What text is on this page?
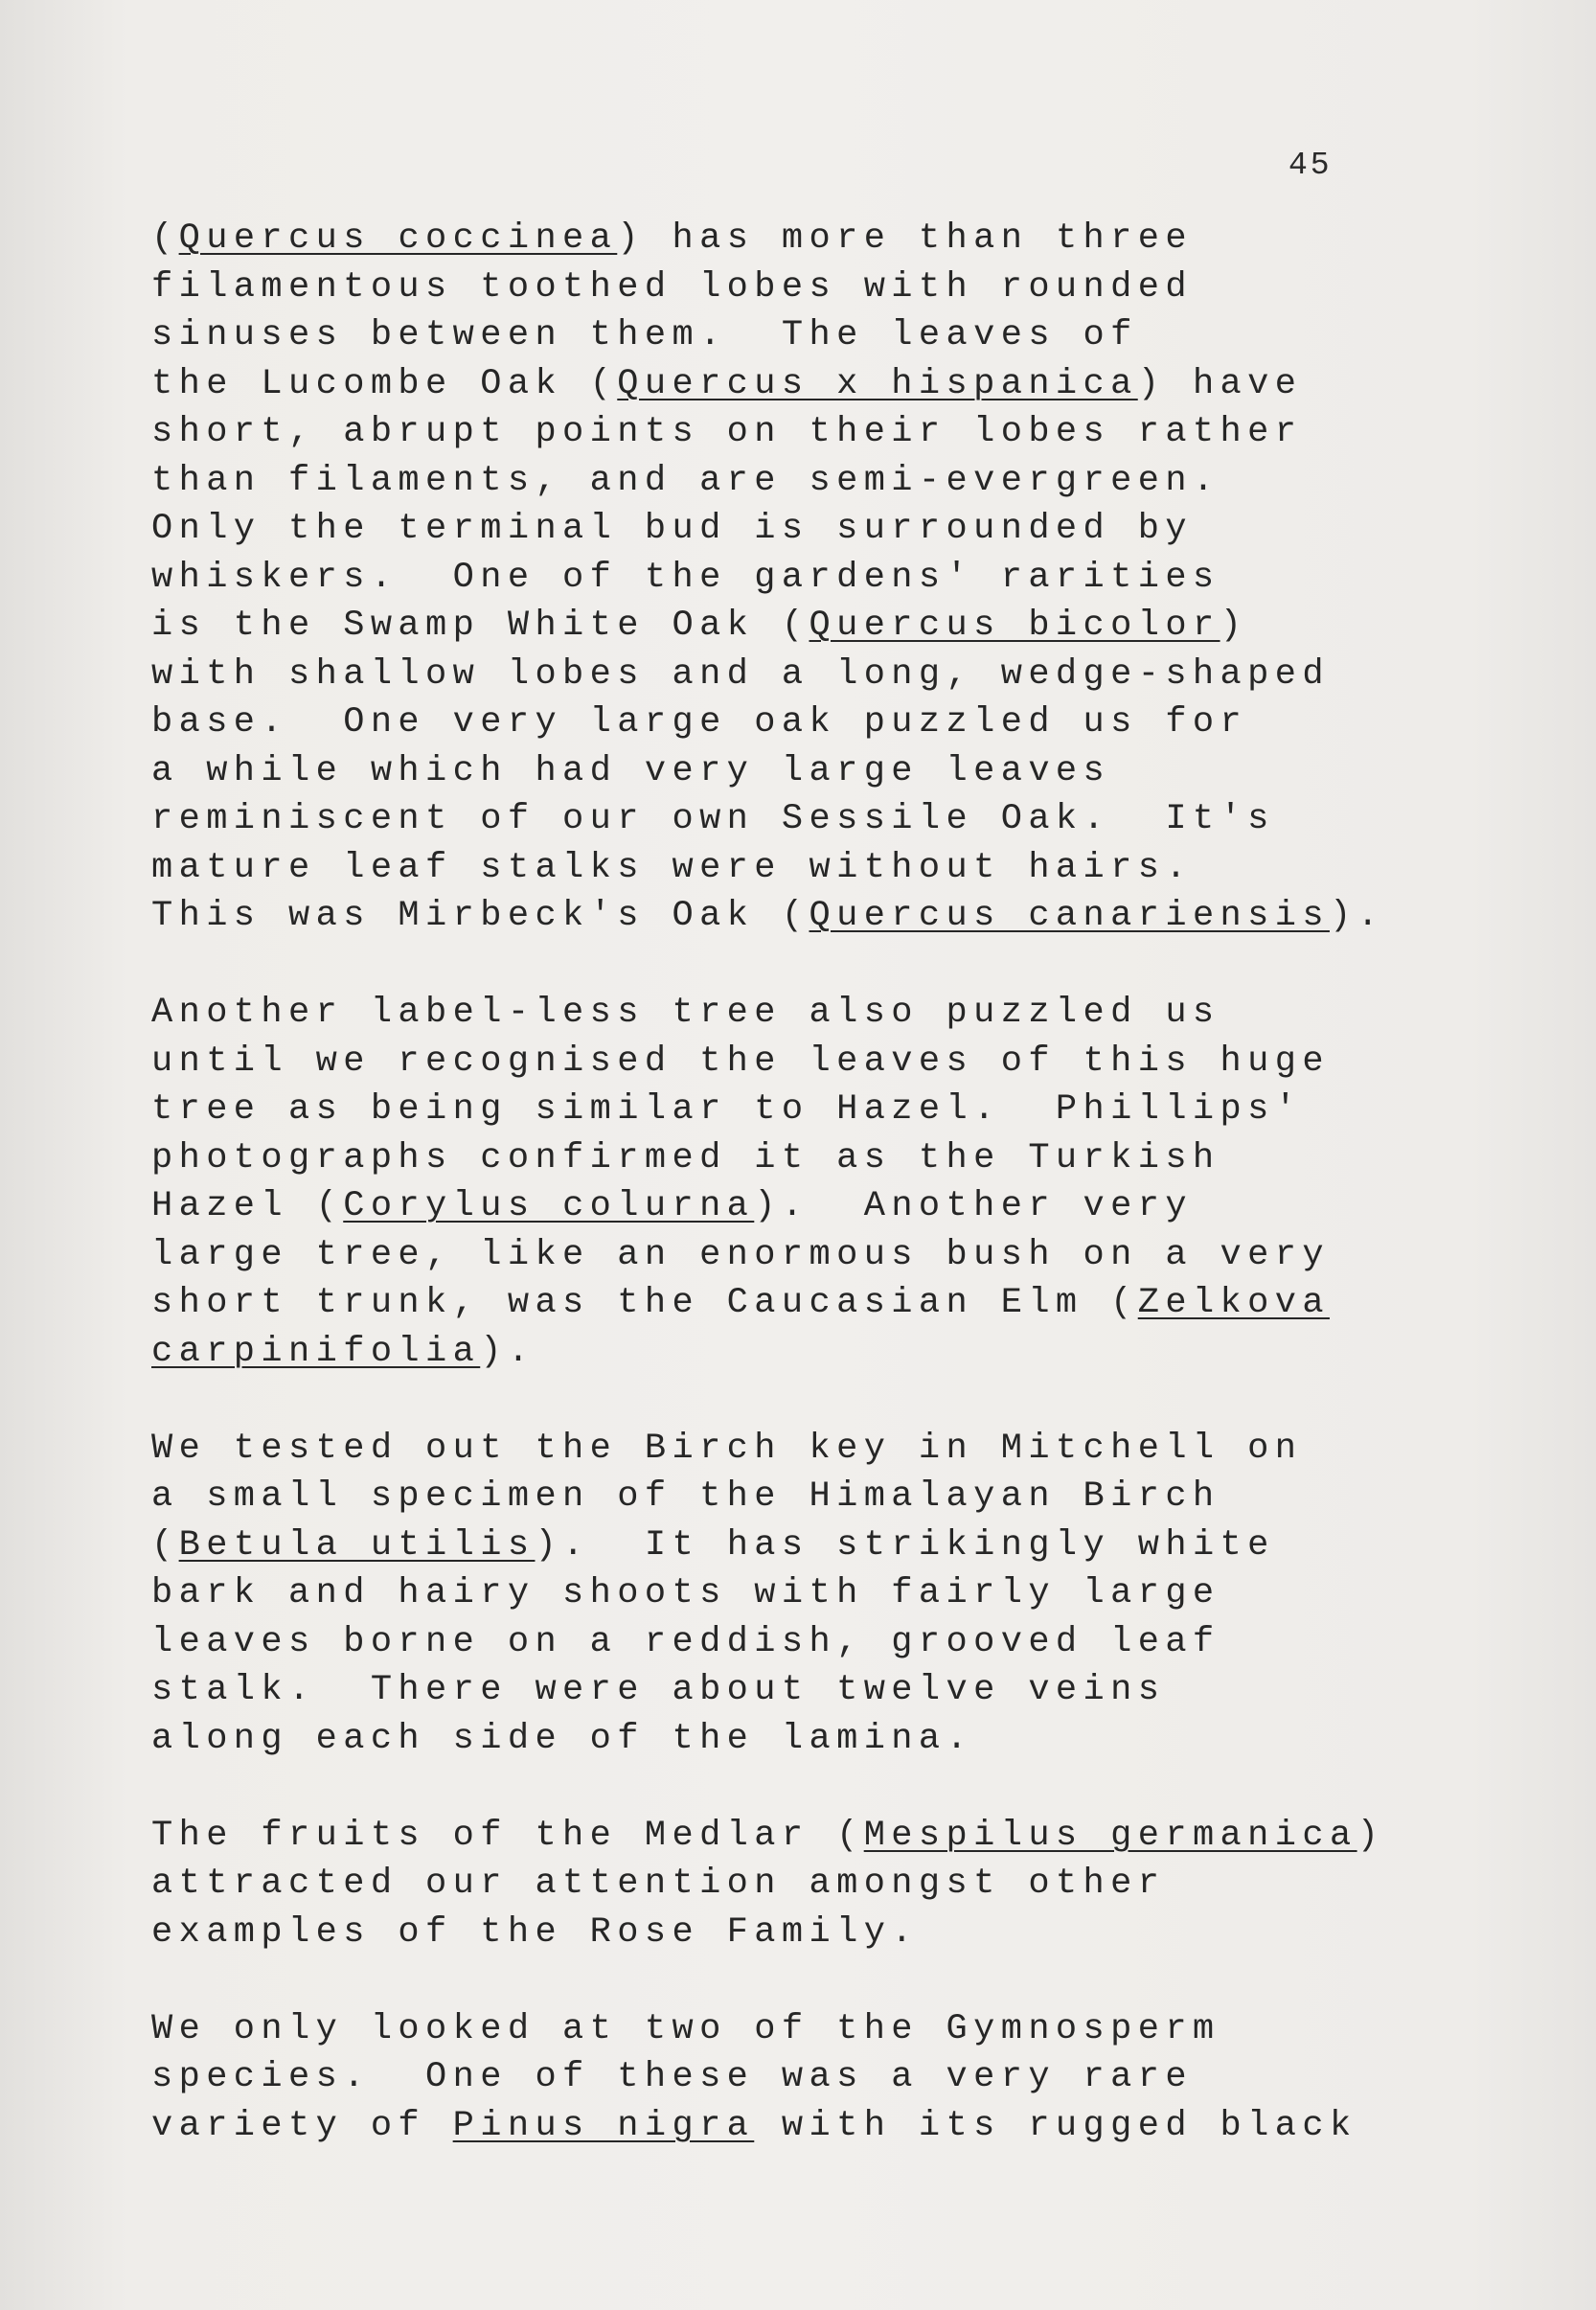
45
(Quercus coccinea) has more than three
filamentous toothed lobes with rounded
sinuses between them.  The leaves of
the Lucombe Oak (Quercus x hispanica) have
short, abrupt points on their lobes rather
than filaments, and are semi-evergreen.
Only the terminal bud is surrounded by
whiskers.  One of the gardens' rarities
is the Swamp White Oak (Quercus bicolor)
with shallow lobes and a long, wedge-shaped
base.  One very large oak puzzled us for
a while which had very large leaves
reminiscent of our own Sessile Oak.  It's
mature leaf stalks were without hairs.
This was Mirbeck's Oak (Quercus canariensis).
Another label-less tree also puzzled us
until we recognised the leaves of this huge
tree as being similar to Hazel.  Phillips'
photographs confirmed it as the Turkish
Hazel (Corylus colurna).  Another very
large tree, like an enormous bush on a very
short trunk, was the Caucasian Elm (Zelkova
carpinifolia).
We tested out the Birch key in Mitchell on
a small specimen of the Himalayan Birch
(Betula utilis).  It has strikingly white
bark and hairy shoots with fairly large
leaves borne on a reddish, grooved leaf
stalk.  There were about twelve veins
along each side of the lamina.
The fruits of the Medlar (Mespilus germanica)
attracted our attention amongst other
examples of the Rose Family.
We only looked at two of the Gymnosperm
species.  One of these was a very rare
variety of Pinus nigra with its rugged black
